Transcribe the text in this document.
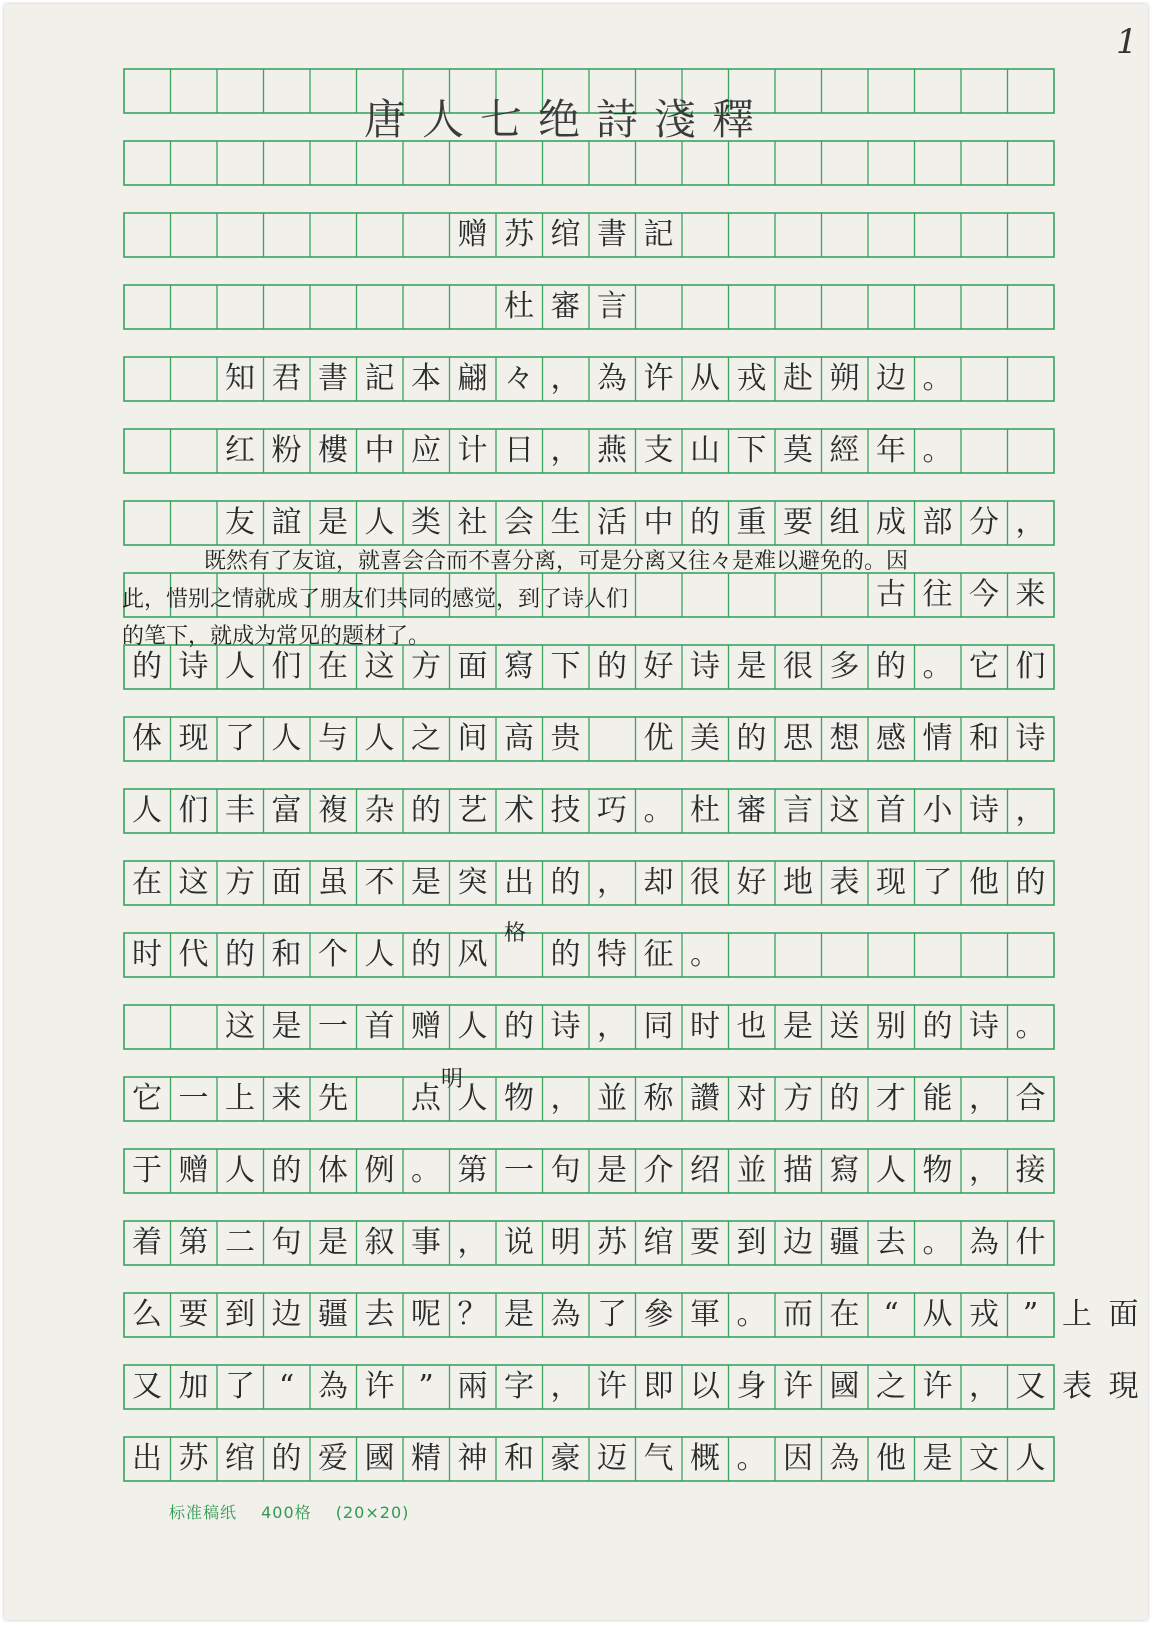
1
唐人七绝詩淺釋
赠 苏 绾 書 記
杜 審 言
知 君 書 記 本 翩 々 ， 為 许 从 戎 赴 朔 边 。
红 粉 樓 中 应 计 日 ， 燕 支 山 下 莫 經 年 。
友 誼 是 人 类 社 会 生 活 中 的 重 要 组 成 部 分 ，
古 往 今 来
的 诗 人 们 在 这 方 面 寫 下 的 好 诗 是 很 多 的 。 它 们
体 现 了 人 与 人 之 间 高 贵 优 美 的 思 想 感 情 和 诗
人 们 丰 富 複 杂 的 艺 术 技 巧 。 杜 審 言 这 首 小 诗 ，
在 这 方 面 虽 不 是 突 出 的 ， 却 很 好 地 表 现 了 他 的
时 代 的 和 个 人 的 风 的 特 征 。
这 是 一 首 赠 人 的 诗 ， 同 时 也 是 送 别 的 诗 。
它 一 上 来 先 点 人 物 ， 並 称 讚 对 方 的 才 能 ， 合
于 赠 人 的 体 例 。 第 一 句 是 介 绍 並 描 寫 人 物 ， 接
着 第 二 句 是 叙 事 ， 说 明 苏 绾 要 到 边 疆 去 。 為 什
么 要 到 边 疆 去 呢 ？ 是 為 了 參 軍 。 而 在 “ 从 戎 ” 上 面
又 加 了 “ 為 许 ” 兩 字 ， 许 即 以 身 许 國 之 许 ， 又 表 現
出 苏 绾 的 爱 國 精 神 和 豪 迈 气 概 。 因 為 他 是 文 人
格
明
既然有了友谊，就喜会合而不喜分离，可是分离又往々是难以避免的。因
此，惜别之情就成了朋友们共同的感觉，到了诗人们
的笔下，就成为常见的题材了。
标准稿纸 400格 (20×20)
